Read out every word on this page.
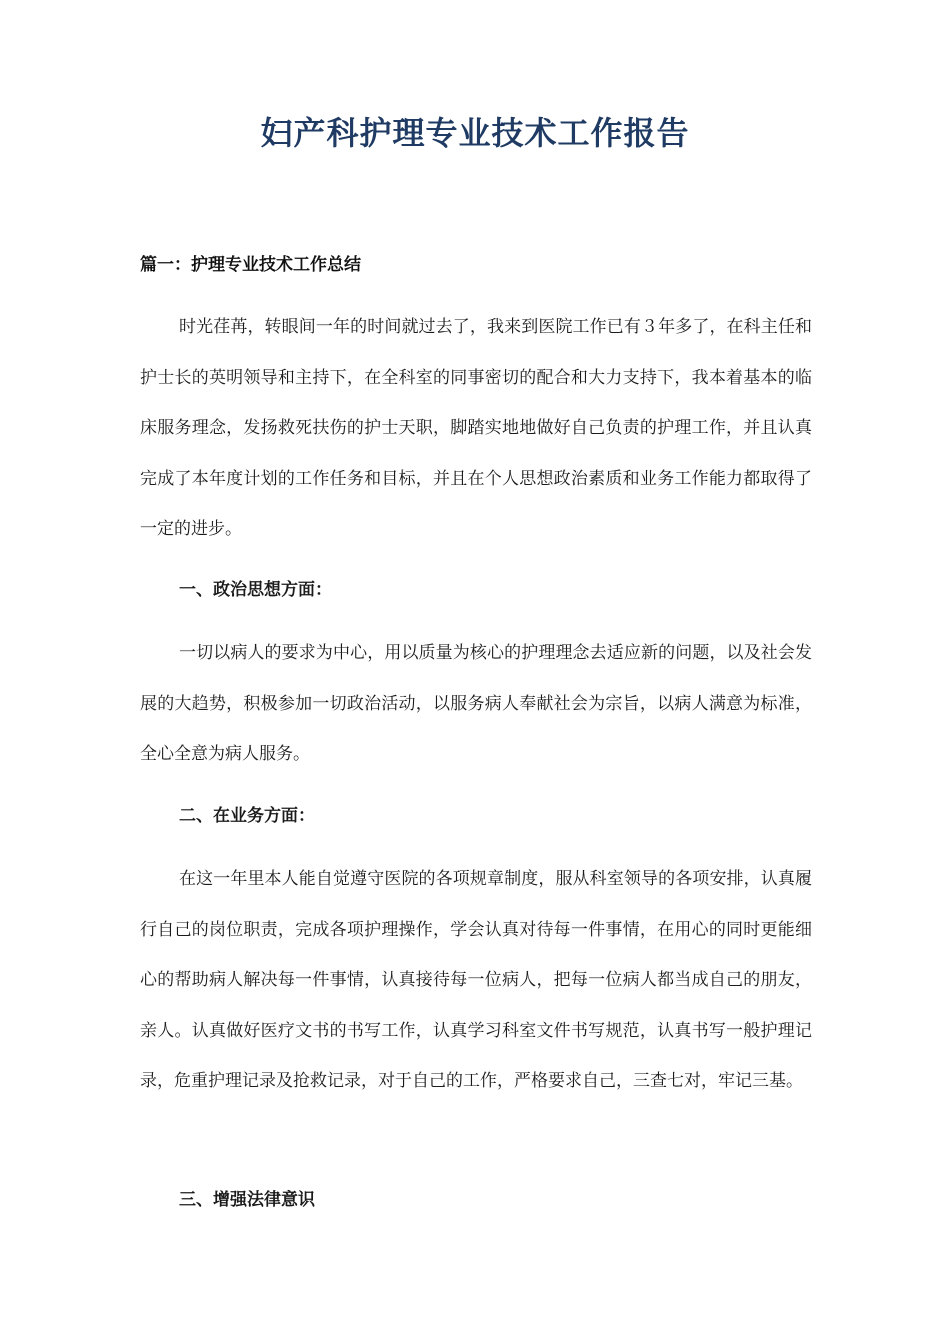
妇产科护理专业技术工作报告
篇一：护理专业技术工作总结

时光荏苒，转眼间一年的时间就过去了，我来到医院工作已有３年多了，在科主任和护士长的英明领导和主持下，在全科室的同事密切的配合和大力支持下，我本着基本的临床服务理念，发扬救死扶伤的护士天职，脚踏实地地做好自己负责的护理工作，并且认真完成了本年度计划的工作任务和目标，并且在个人思想政治素质和业务工作能力都取得了一定的进步。

一、政治思想方面：

一切以病人的要求为中心，用以质量为核心的护理理念去适应新的问题，以及社会发展的大趋势，积极参加一切政治活动，以服务病人奉献社会为宗旨，以病人满意为标准，全心全意为病人服务。

二、在业务方面：

在这一年里本人能自觉遵守医院的各项规章制度，服从科室领导的各项安排，认真履行自己的岗位职责，完成各项护理操作，学会认真对待每一件事情，在用心的同时更能细心的帮助病人解决每一件事情，认真接待每一位病人，把每一位病人都当成自己的朋友，亲人。认真做好医疗文书的书写工作，认真学习科室文件书写规范，认真书写一般护理记录，危重护理记录及抢救记录，对于自己的工作，严格要求自己，三查七对，牢记三基。

三、增强法律意识
